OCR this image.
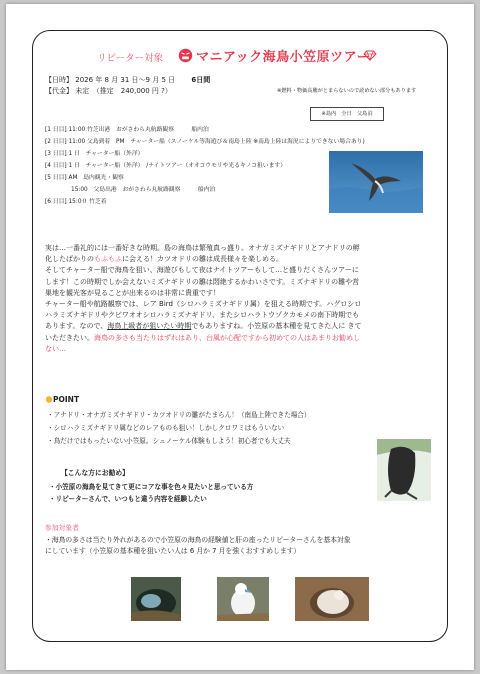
リピーター対象	マニアック海鳥小笠原ツアー
【日時】 2026 年 8 月 31 日～9 月 5 日 6日間
【代金】 未定　（推定　240,000 円 ?）	※燃料・物価高騰がとまらないので読めない部分もあります
※島内　全日　父島泊
[1 日目] 11:00 竹芝出港　おがさわら丸航路観察　　　船内泊
[2 日目] 11:00 父島到着　PM　チャーター船（スノーケル等海遊び＆南島上陸 ※南島上陸は海況によりできない場合あり)
[3 日目] 1 日　チャーター船（外洋）
[4 日目] 1 日　チャーター船（外洋）　/ナイトツアー（オオコウモリや光るキノコ狙います）
[5 日目] AM　島内観光・観察
15:00　父島出港　おがさわら丸航路観察　　　船内泊
[6 日目] 15:0０ 竹芝着
実は…一番礼的には一番好きな時期。島の海鳥は繁殖真っ盛り。オナガミズナギドリとアナドリの孵
化したばかりのもふもふに会える！カツオドリの雛は成長様々を楽しめる。
そしてチャーター船で海鳥を狙い、海遊びもして夜はナイトツアーもして…と盛りだくさんツアーに
します！この時期でしか会えないミズナギドリの雛は悶絶するかわいさです。ミズナギドリの雛や営
巣地を観光客が見ることが出来るのは非常に貴重です！
チャーター船や航路観察では、レア Bird（シロハラミズナギドリ属）を狙える時期です。ハグロシロ
ハラミズナギドリやクビワオオシロハラミズナギドリ、またシロハラトウゾクカモメの南下時期でも
あります。なので、海鳥上級者が狙いたい時期でもありますね。小笠原の基本種を見てきた人に きて
いただきたい。海鳥の多さも当たりはずれはあり、台風が心配ですから初めての人はあまりお勧めし
ない…
POINT
・アナドリ・オナガミズナギドリ・カツオドリの雛がたまらん！（南島上陸できた場合）
・シロハラミズナギドリ属などのレアものも狙い！しかしクロワミはもういない
・鳥だけではもったいない小笠原。シュノーケル体験もしよう！初心者でも大丈夫
【こんな方にお勧め】
・小笠原の海鳥を見てきて更にコアな事を色々見たいと思っている方
・リピーターさんで、いつもと違う内容を経験したい
参加対象者
・海鳥の多さは当たり外れがあるので小笠原の海鳥の経験値と肝の座ったリピーターさんを基本対象
にしています（小笠原の基本種を狙いたい人は 6 月か 7 月を強くおすすめします）
